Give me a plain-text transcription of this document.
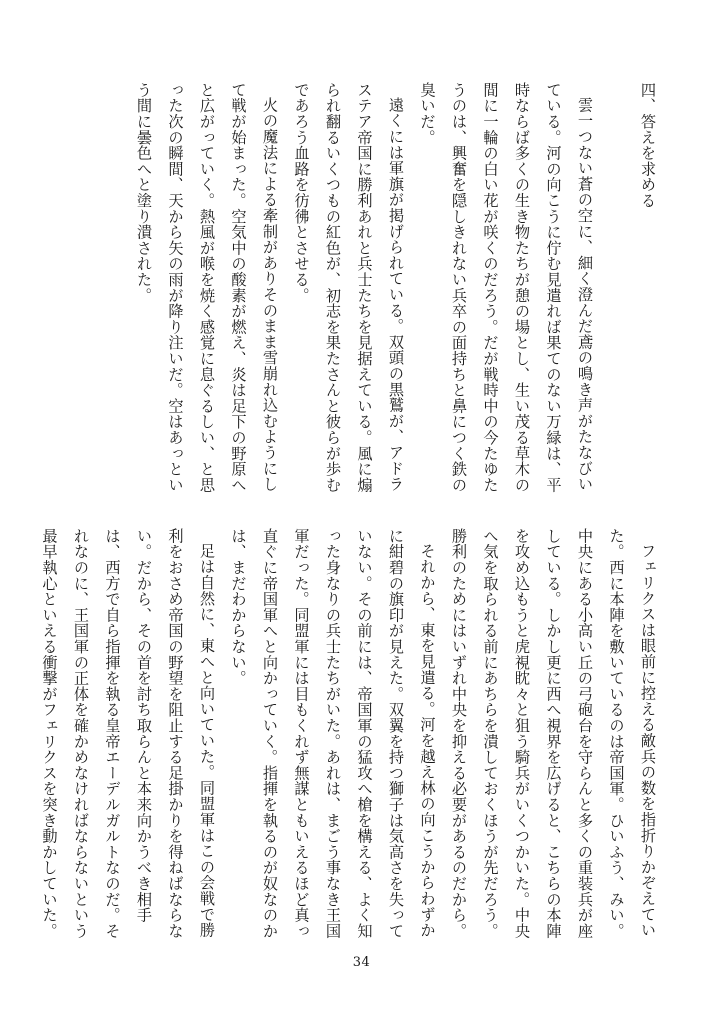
四、答えを求める

雲一つない蒼の空に、細く澄んだ鳶の鳴き声がたなびいている。河の向こうに佇む見遣れば果てのない万緑は、平時ならば多くの生き物たちが憩の場とし、生い茂る草木の間に一輪の白い花が咲くのだろう。だが戦時中の今たゆたうのは、興奮を隠しきれない兵卒の面持ちと鼻につく鉄の臭いだ。

遠くには軍旗が掲げられている。双頭の黒鷲が、アドラステア帝国に勝利あれと兵士たちを見据えている。風に煽られ翻るいくつもの紅色が、初志を果たさんと彼らが歩むであろう血路を彷彿とさせる。

火の魔法による牽制がありそのまま雪崩れ込むようにして戦が始まった。空気中の酸素が燃え、炎は足下の野原へと広がっていく。熱風が喉を焼く感覚に息ぐるしい、と思った次の瞬間、天から矢の雨が降り注いだ。空はあっという間に曇色へと塗り潰された。

フェリクスは眼前に控える敵兵の数を指折りかぞえていた。西に本陣を敷いているのは帝国軍。ひいふう、みい。中央にある小高い丘の弓砲台を守らんと多くの重装兵が座している。しかし更に西へ視界を広げると、こちらの本陣を攻め込もうと虎視眈々と狙う騎兵がいくつかいた。中央へ気を取られる前にあちらを潰しておくほうが先だろう。勝利のためにはいずれ中央を抑える必要があるのだから。

それから、東を見遣る。河を越え林の向こうからわずかに紺碧の旗印が見えた。双翼を持つ獅子は気高さを失っていない。その前には、帝国軍の猛攻へ槍を構える、よく知った身なりの兵士たちがいた。あれは、まごう事なき王国軍だった。同盟軍には目もくれず無謀ともいえるほど真っ直ぐに帝国軍へと向かっていく。指揮を執るのが奴なのかは、まだわからない。

足は自然に、東へと向いていた。同盟軍はこの会戦で勝利をおさめ帝国の野望を阻止する足掛かりを得ねばならない。だから、その首を討ち取らんと本来向かうべき相手は、西方で自ら指揮を執る皇帝エーデルガルトなのだ。それなのに、王国軍の正体を確かめなければならないという最早執心といえる衝撃がフェリクスを突き動かしていた。

34
